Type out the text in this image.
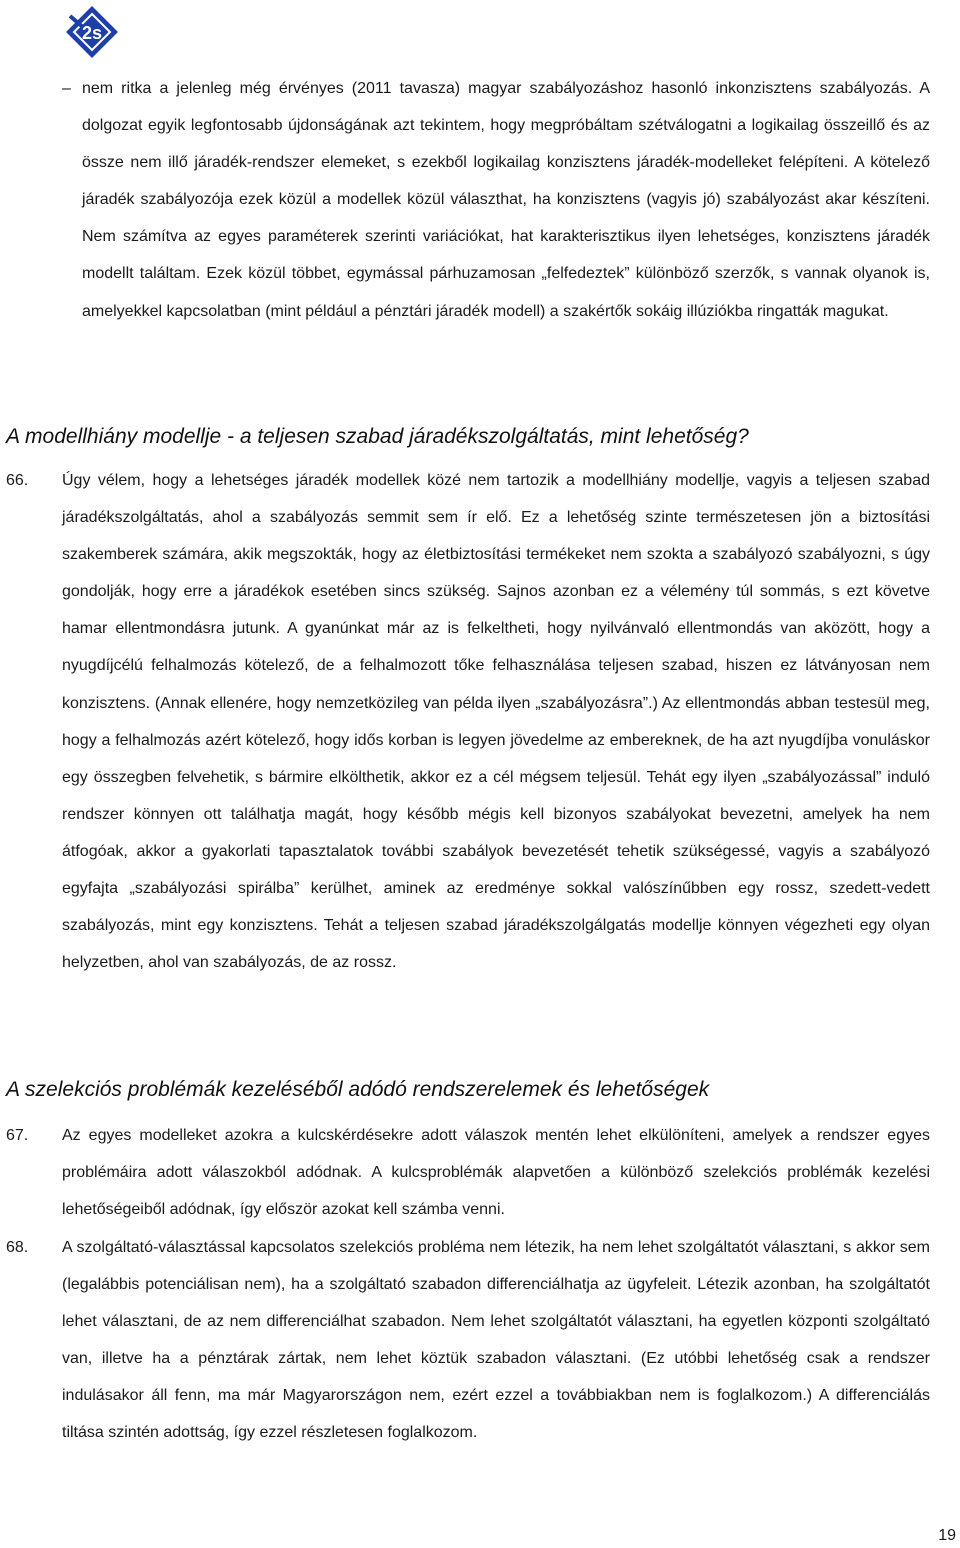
2s

– nem ritka a jelenleg még érvényes (2011 tavasza) magyar szabályozáshoz hasonló inkonzisztens szabályozás. A dolgozat egyik legfontosabb újdonságának azt tekintem, hogy megpróbáltam szétválogatni a logikailag összeillő és az össze nem illő járadék-rendszer elemeket, s ezekből logikailag konzisztens járadék-modelleket felépíteni. A kötelező járadék szabályozója ezek közül a modellek közül választhat, ha konzisztens (vagyis jó) szabályozást akar készíteni. Nem számítva az egyes paraméterek szerinti variációkat, hat karakterisztikus ilyen lehetséges, konzisztens járadék modellt találtam. Ezek közül többet, egymással párhuzamosan „felfedeztek” különböző szerzők, s vannak olyanok is, amelyekkel kapcsolatban (mint például a pénztári járadék modell) a szakértők sokáig illúziókba ringatták magukat.

A modellhiány modellje - a teljesen szabad járadékszolgáltatás, mint lehetőség?
66.	Úgy vélem, hogy a lehetséges járadék modellek közé nem tartozik a modellhiány modellje, vagyis a teljesen szabad járadékszolgáltatás, ahol a szabályozás semmit sem ír elő. Ez a lehetőség szinte természetesen jön a biztosítási szakemberek számára, akik megszokták, hogy az életbiztosítási termékeket nem szokta a szabályozó szabályozni, s úgy gondolják, hogy erre a járadékok esetében sincs szükség. Sajnos azonban ez a vélemény túl sommás, s ezt követve hamar ellentmondásra jutunk. A gyanúnkat már az is felkeltheti, hogy nyilvánvaló ellentmondás van aközött, hogy a nyugdíjcélú felhalmozás kötelező, de a felhalmozott tőke felhasználása teljesen szabad, hiszen ez látványosan nem konzisztens. (Annak ellenére, hogy nemzetközileg van példa ilyen „szabályozásra”.) Az ellentmondás abban testesül meg, hogy a felhalmozás azért kötelező, hogy idős korban is legyen jövedelme az embereknek, de ha azt nyugdíjba vonuláskor egy összegben felvehetik, s bármire elkölthetik, akkor ez a cél mégsem teljesül. Tehát egy ilyen „szabályozással” induló rendszer könnyen ott találhatja magát, hogy később mégis kell bizonyos szabályokat bevezetni, amelyek ha nem átfogóak, akkor a gyakorlati tapasztalatok további szabályok bevezetését tehetik szükségessé, vagyis a szabályozó egyfajta „szabályozási spirálba” kerülhet, aminek az eredménye sokkal valószínűbben egy rossz, szedett-vedett szabályozás, mint egy konzisztens. Tehát a teljesen szabad járadékszolgálgatás modellje könnyen végezheti egy olyan helyzetben, ahol van szabályozás, de az rossz.
A szelekciós problémák kezeléséből adódó rendszerelemek és lehetőségek
67.	Az egyes modelleket azokra a kulcskérdésekre adott válaszok mentén lehet elkülöníteni, amelyek a rendszer egyes problémáira adott válaszokból adódnak. A kulcsproblémák alapvetően a különböző szelekciós problémák kezelési lehetőségeiből adódnak, így először azokat kell számba venni.
68.	A szolgáltató-választással kapcsolatos szelekciós probléma nem létezik, ha nem lehet szolgáltatót választani, s akkor sem (legalábbis potenciálisan nem), ha a szolgáltató szabadon differenciálhatja az ügyfeleit. Létezik azonban, ha szolgáltatót lehet választani, de az nem differenciálhat szabadon. Nem lehet szolgáltatót választani, ha egyetlen központi szolgáltató van, illetve ha a pénztárak zártak, nem lehet köztük szabadon választani. (Ez utóbbi lehetőség csak a rendszer indulásakor áll fenn, ma már Magyarországon nem, ezért ezzel a továbbiakban nem is foglalkozom.) A differenciálás tiltása szintén adottság, így ezzel részletesen foglalkozom.
19
